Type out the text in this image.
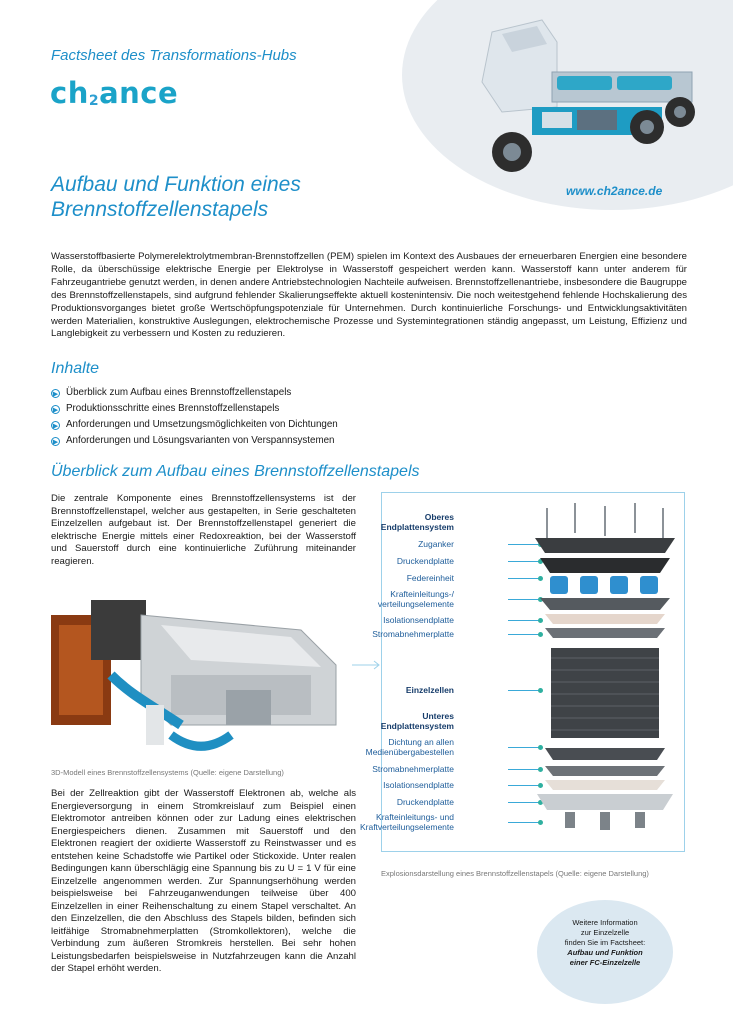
Factsheet des Transformations-Hubs
$ch_2ance$
www.ch2ance.de
Aufbau und Funktion eines
Brennstoffzellenstapels
Wasserstoffbasierte Polymerelektrolytmembran-Brennstoffzellen (PEM) spielen im Kontext des Ausbaues der erneuerbaren Energien eine besondere Rolle, da überschüssige elektrische Energie per Elektrolyse in Wasserstoff gespeichert werden kann. Wasserstoff kann unter anderem für Fahrzeugantriebe genutzt werden, in denen andere Antriebstechnologien Nachteile aufweisen. Brennstoffzellenantriebe, insbesondere die Baugruppe des Brennstoffzellenstapels, sind aufgrund fehlender Skalierungseffekte aktuell kostenintensiv. Die noch weitestgehend fehlende Hochskalierung des Produktionsvorganges bietet große Wertschöpfungspotenziale für Unternehmen. Durch kontinuierliche Forschungs- und Entwicklungsaktivitäten werden Materialien, konstruktive Auslegungen, elektrochemische Prozesse und Systemintegrationen ständig angepasst, um Leistung, Effizienz und Langlebigkeit zu verbessern und Kosten zu reduzieren.
Inhalte
▶ Überblick zum Aufbau eines Brennstoffzellenstapels
▶ Produktionsschritte eines Brennstoffzellenstapels
▶ Anforderungen und Umsetzungsmöglichkeiten von Dichtungen
▶ Anforderungen und Lösungsvarianten von Verspannsystemen
Überblick zum Aufbau eines Brennstoffzellenstapels
Die zentrale Komponente eines Brennstoffzellensystems ist der Brennstoffzellenstapel, welcher aus gestapelten, in Serie geschalteten Einzelzellen aufgebaut ist. Der Brennstoffzellenstapel generiert die elektrische Energie mittels einer Redoxreaktion, bei der Wasserstoff und Sauerstoff durch eine kontinuierliche Zuführung miteinander reagieren.
3D-Modell eines Brennstoffzellensystems (Quelle: eigene Darstellung)
Bei der Zellreaktion gibt der Wasserstoff Elektronen ab, welche als Energieversorgung in einem Stromkreislauf zum Beispiel einen Elektromotor antreiben können oder zur Ladung eines elektrischen Energiespeichers dienen. Zusammen mit Sauerstoff und den Elektronen reagiert der oxidierte Wasserstoff zu Reinstwasser und es entstehen keine Schadstoffe wie Partikel oder Stickoxide. Unter realen Bedingungen kann überschlägig eine Spannung bis zu U = 1 V für eine Einzelzelle angenommen werden. Zur Spannungserhöhung werden beispielsweise bei Fahrzeuganwendungen teilweise über 400 Einzelzellen in einer Reihenschaltung zu einem Stapel verschaltet. An den Einzelzellen, die den Abschluss des Stapels bilden, befinden sich leitfähige Stromabnehmerplatten (Stromkollektoren), welche die Verbindung zum äußeren Stromkreis herstellen. Bei sehr hohen Leistungsbedarfen beispielsweise in Nutzfahrzeugen kann die Anzahl der Stapel erhöht werden.
Oberes
Endplattensystem
Zuganker
Druckendplatte
Federeinheit
Krafteinleitungs-/
verteilungselemente
Isolationsendplatte
Stromabnehmerplatte
Einzelzellen
Unteres
Endplattensystem
Dichtung an allen
Medienübergabestellen
Stromabnehmerplatte
Isolationsendplatte
Druckendplatte
Krafteinleitungs- und
Kraftverteilungselemente
Explosionsdarstellung eines Brennstoffzellenstapels (Quelle: eigene Darstellung)
Weitere Information
zur Einzelzelle
finden Sie im Factsheet:
Aufbau und Funktion
einer FC-Einzelzelle
